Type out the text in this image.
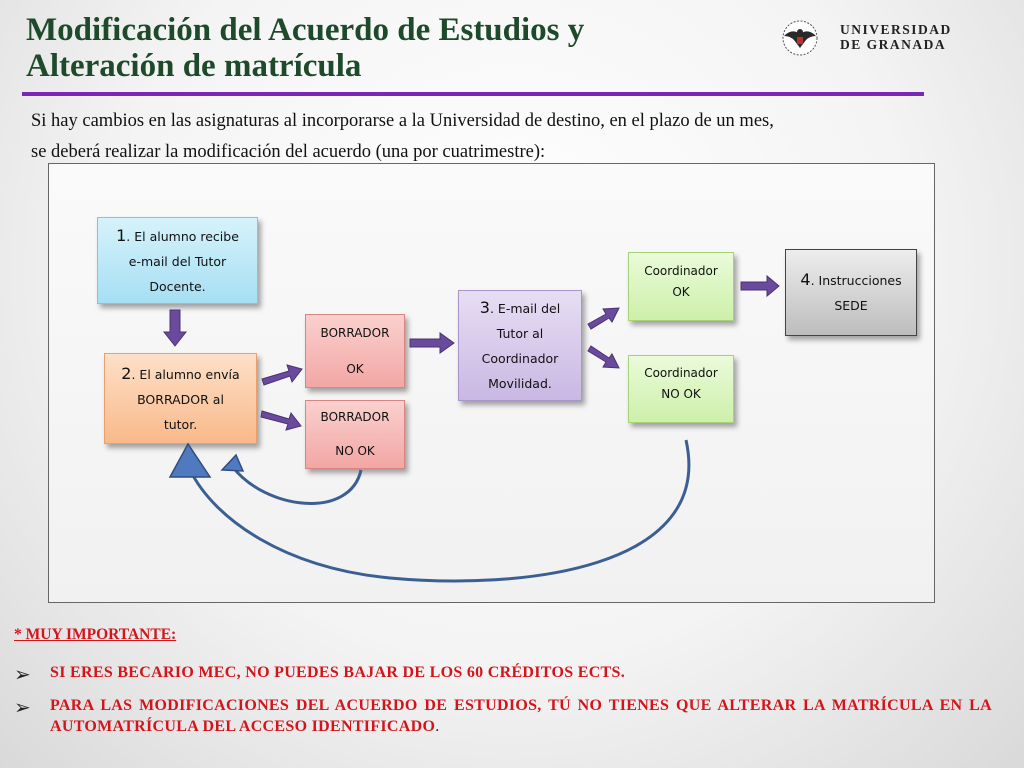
Modificación del Acuerdo de Estudios y
Alteración de matrícula
UNIVERSIDAD
DE GRANADA

Si hay cambios en las asignaturas al incorporarse a la Universidad de destino, en el plazo de un mes,

se deberá realizar la modificación del acuerdo (una por cuatrimestre):

1. El alumno recibe
e-mail del Tutor
Docente.
2. El alumno envía
BORRADOR al
tutor.
BORRADOR
OK
BORRADOR
NO OK
3. E-mail del
Tutor al
Coordinador
Movilidad.
Coordinador
OK
Coordinador
NO OK
4. Instrucciones
SEDE
* MUY IMPORTANTE:
➢ SI ERES BECARIO MEC, NO PUEDES BAJAR DE LOS 60 CRÉDITOS ECTS.
➢ PARA LAS MODIFICACIONES DEL ACUERDO DE ESTUDIOS, TÚ NO TIENES QUE ALTERAR LA MATRÍCULA EN LA AUTOMATRÍCULA DEL ACCESO IDENTIFICADO.
